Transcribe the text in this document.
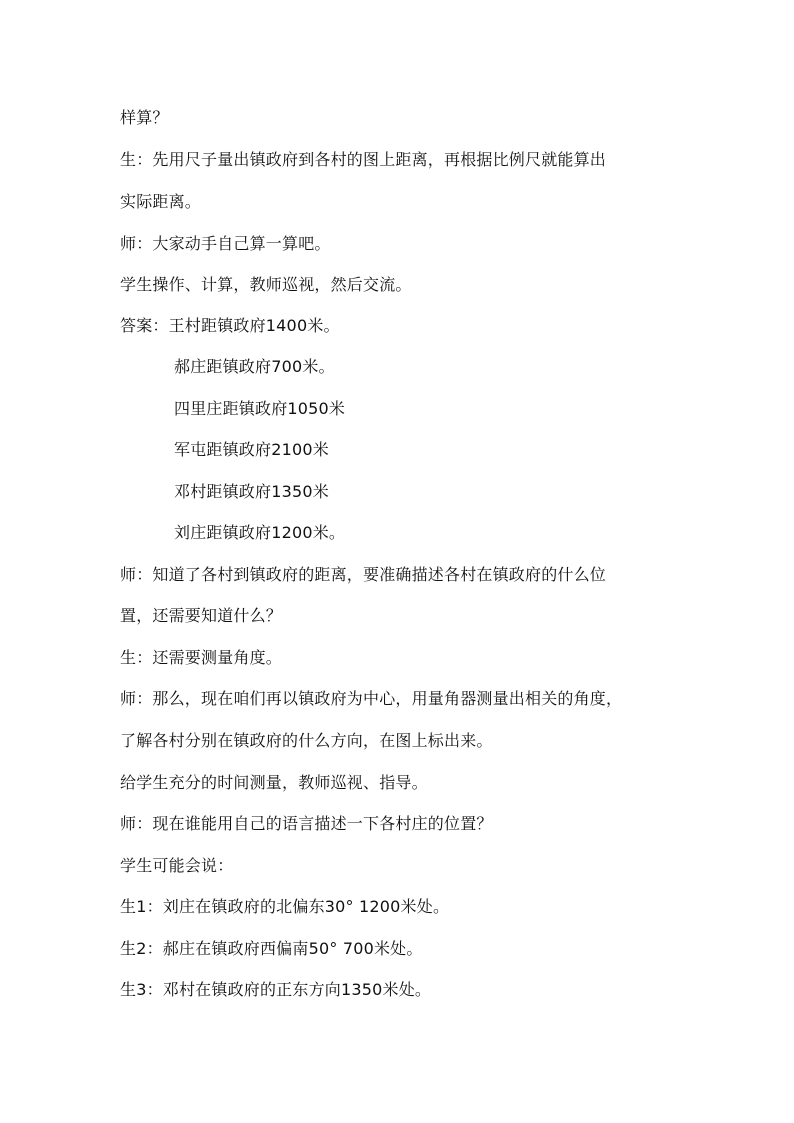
样算？
生：先用尺子量出镇政府到各村的图上距离，再根据比例尺就能算出
实际距离。
师：大家动手自己算一算吧。
学生操作、计算，教师巡视，然后交流。
答案：王村距镇政府1400米。
郝庄距镇政府700米。
四里庄距镇政府1050米
军屯距镇政府2100米
邓村距镇政府1350米
刘庄距镇政府1200米。
师：知道了各村到镇政府的距离，要准确描述各村在镇政府的什么位
置，还需要知道什么？
生：还需要测量角度。
师：那么，现在咱们再以镇政府为中心，用量角器测量出相关的角度，
了解各村分别在镇政府的什么方向，在图上标出来。
给学生充分的时间测量，教师巡视、指导。
师：现在谁能用自己的语言描述一下各村庄的位置？
学生可能会说：
生1：刘庄在镇政府的北偏东30° 1200米处。
生2：郝庄在镇政府西偏南50° 700米处。
生3：邓村在镇政府的正东方向1350米处。
